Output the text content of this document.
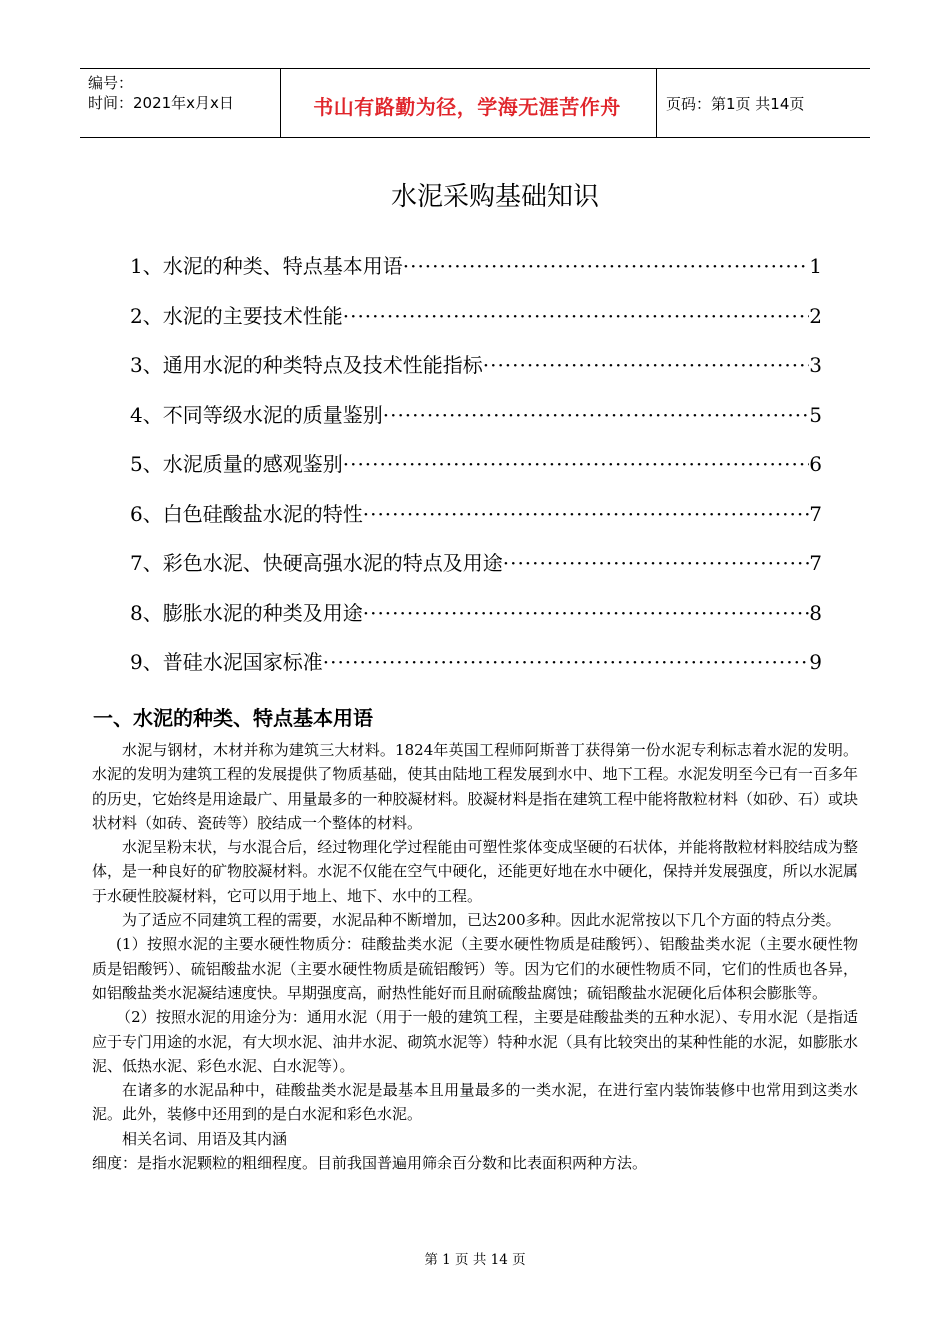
编号：
时间：2021年x月x日	书山有路勤为径，学海无涯苦作舟	页码：第1页 共14页
水泥采购基础知识
1、水泥的种类、特点基本用语 ·····	1
2、水泥的主要技术性能 ·····	2
3、通用水泥的种类特点及技术性能指标 ·····	3
4、不同等级水泥的质量鉴别 ·····	5
5、水泥质量的感观鉴别 ·····	6
6、白色硅酸盐水泥的特性 ·····	7
7、彩色水泥、快硬高强水泥的特点及用途 ·····	7
8、膨胀水泥的种类及用途 ·····	8
9、普硅水泥国家标准 ·····	9
一、水泥的种类、特点基本用语

水泥与钢材，木材并称为建筑三大材料。1824年英国工程师阿斯普丁获得第一份水泥专利标志着水泥的发明。水泥的发明为建筑工程的发展提供了物质基础，使其由陆地工程发展到水中、地下工程。水泥发明至今已有一百多年的历史，它始终是用途最广、用量最多的一种胶凝材料。胶凝材料是指在建筑工程中能将散粒材料（如砂、石）或块状材料（如砖、瓷砖等）胶结成一个整体的材料。

水泥呈粉末状，与水混合后，经过物理化学过程能由可塑性浆体变成坚硬的石状体，并能将散粒材料胶结成为整体，是一种良好的矿物胶凝材料。水泥不仅能在空气中硬化，还能更好地在水中硬化，保持并发展强度，所以水泥属于水硬性胶凝材料，它可以用于地上、地下、水中的工程。

为了适应不同建筑工程的需要，水泥品种不断增加，已达200多种。因此水泥常按以下几个方面的特点分类。

(1）按照水泥的主要水硬性物质分：硅酸盐类水泥（主要水硬性物质是硅酸钙）、铝酸盐类水泥（主要水硬性物质是铝酸钙）、硫铝酸盐水泥（主要水硬性物质是硫铝酸钙）等。因为它们的水硬性物质不同，它们的性质也各异，如铝酸盐类水泥凝结速度快。早期强度高，耐热性能好而且耐硫酸盐腐蚀；硫铝酸盐水泥硬化后体积会膨胀等。

（2）按照水泥的用途分为：通用水泥（用于一般的建筑工程，主要是硅酸盐类的五种水泥）、专用水泥（是指适应于专门用途的水泥，有大坝水泥、油井水泥、砌筑水泥等）特种水泥（具有比较突出的某种性能的水泥，如膨胀水泥、低热水泥、彩色水泥、白水泥等）。

在诸多的水泥品种中，硅酸盐类水泥是最基本且用量最多的一类水泥，在进行室内装饰装修中也常用到这类水泥。此外，装修中还用到的是白水泥和彩色水泥。

相关名词、用语及其内涵

细度：是指水泥颗粒的粗细程度。目前我国普遍用筛余百分数和比表面积两种方法。

第 1 页 共 14 页
